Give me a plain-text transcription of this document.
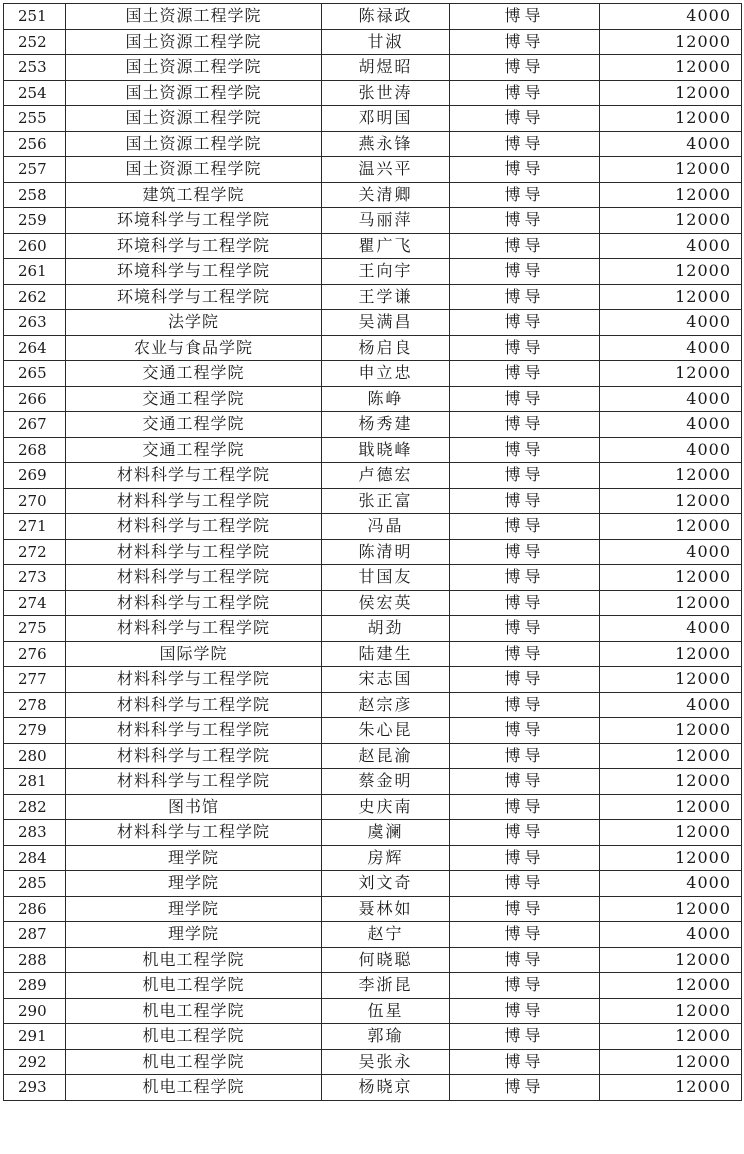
251	国土资源工程学院	陈禄政	博导	4000
252	国土资源工程学院	甘淑	博导	12000
253	国土资源工程学院	胡煜昭	博导	12000
254	国土资源工程学院	张世涛	博导	12000
255	国土资源工程学院	邓明国	博导	12000
256	国土资源工程学院	燕永锋	博导	4000
257	国土资源工程学院	温兴平	博导	12000
258	建筑工程学院	关清卿	博导	12000
259	环境科学与工程学院	马丽萍	博导	12000
260	环境科学与工程学院	瞿广飞	博导	4000
261	环境科学与工程学院	王向宇	博导	12000
262	环境科学与工程学院	王学谦	博导	12000
263	法学院	吴满昌	博导	4000
264	农业与食品学院	杨启良	博导	4000
265	交通工程学院	申立忠	博导	12000
266	交通工程学院	陈峥	博导	4000
267	交通工程学院	杨秀建	博导	4000
268	交通工程学院	戢晓峰	博导	4000
269	材料科学与工程学院	卢德宏	博导	12000
270	材料科学与工程学院	张正富	博导	12000
271	材料科学与工程学院	冯晶	博导	12000
272	材料科学与工程学院	陈清明	博导	4000
273	材料科学与工程学院	甘国友	博导	12000
274	材料科学与工程学院	侯宏英	博导	12000
275	材料科学与工程学院	胡劲	博导	4000
276	国际学院	陆建生	博导	12000
277	材料科学与工程学院	宋志国	博导	12000
278	材料科学与工程学院	赵宗彦	博导	4000
279	材料科学与工程学院	朱心昆	博导	12000
280	材料科学与工程学院	赵昆渝	博导	12000
281	材料科学与工程学院	蔡金明	博导	12000
282	图书馆	史庆南	博导	12000
283	材料科学与工程学院	虞澜	博导	12000
284	理学院	房辉	博导	12000
285	理学院	刘文奇	博导	4000
286	理学院	聂林如	博导	12000
287	理学院	赵宁	博导	4000
288	机电工程学院	何晓聪	博导	12000
289	机电工程学院	李浙昆	博导	12000
290	机电工程学院	伍星	博导	12000
291	机电工程学院	郭瑜	博导	12000
292	机电工程学院	吴张永	博导	12000
293	机电工程学院	杨晓京	博导	12000
